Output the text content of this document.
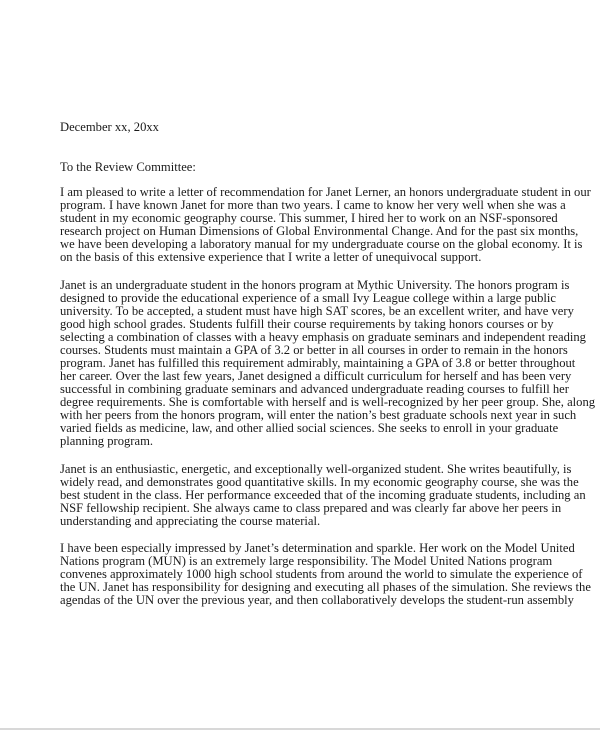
December xx, 20xx
To the Review Committee:
I am pleased to write a letter of recommendation for Janet Lerner, an honors undergraduate student in our
program. I have known Janet for more than two years. I came to know her very well when she was a
student in my economic geography course. This summer, I hired her to work on an NSF-sponsored
research project on Human Dimensions of Global Environmental Change. And for the past six months,
we have been developing a laboratory manual for my undergraduate course on the global economy. It is
on the basis of this extensive experience that I write a letter of unequivocal support.
Janet is an undergraduate student in the honors program at Mythic University. The honors program is
designed to provide the educational experience of a small Ivy League college within a large public
university. To be accepted, a student must have high SAT scores, be an excellent writer, and have very
good high school grades. Students fulfill their course requirements by taking honors courses or by
selecting a combination of classes with a heavy emphasis on graduate seminars and independent reading
courses. Students must maintain a GPA of 3.2 or better in all courses in order to remain in the honors
program. Janet has fulfilled this requirement admirably, maintaining a GPA of 3.8 or better throughout
her career. Over the last few years, Janet designed a difficult curriculum for herself and has been very
successful in combining graduate seminars and advanced undergraduate reading courses to fulfill her
degree requirements. She is comfortable with herself and is well-recognized by her peer group. She, along
with her peers from the honors program, will enter the nation’s best graduate schools next year in such
varied fields as medicine, law, and other allied social sciences. She seeks to enroll in your graduate
planning program.
Janet is an enthusiastic, energetic, and exceptionally well-organized student. She writes beautifully, is
widely read, and demonstrates good quantitative skills. In my economic geography course, she was the
best student in the class. Her performance exceeded that of the incoming graduate students, including an
NSF fellowship recipient. She always came to class prepared and was clearly far above her peers in
understanding and appreciating the course material.
I have been especially impressed by Janet’s determination and sparkle. Her work on the Model United
Nations program (MUN) is an extremely large responsibility. The Model United Nations program
convenes approximately 1000 high school students from around the world to simulate the experience of
the UN. Janet has responsibility for designing and executing all phases of the simulation. She reviews the
agendas of the UN over the previous year, and then collaboratively develops the student-run assembly
